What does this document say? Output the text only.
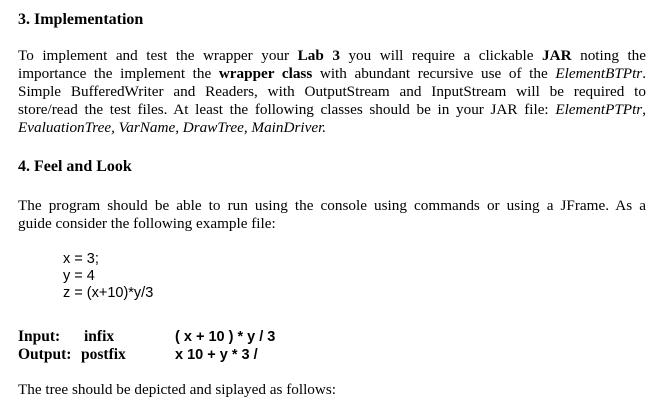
3. Implementation
To implement and test the wrapper your Lab 3 you will require a clickable JAR noting the
importance the implement the wrapper class with abundant recursive use of the ElementBTPtr.
Simple BufferedWriter and Readers, with OutputStream and InputStream will be required to
store/read the test files. At least the following classes should be in your JAR file: ElementPTPtr,
EvaluationTree, VarName, DrawTree, MainDriver.
4. Feel and Look
The program should be able to run using the console using commands or using a JFrame. As a
guide consider the following example file:
x = 3;
y = 4
z = (x+10)*y/3
Input: infix	( x + 10 ) * y / 3
Output: postfix	x 10 + y * 3 /

The tree should be depicted and siplayed as follows:
